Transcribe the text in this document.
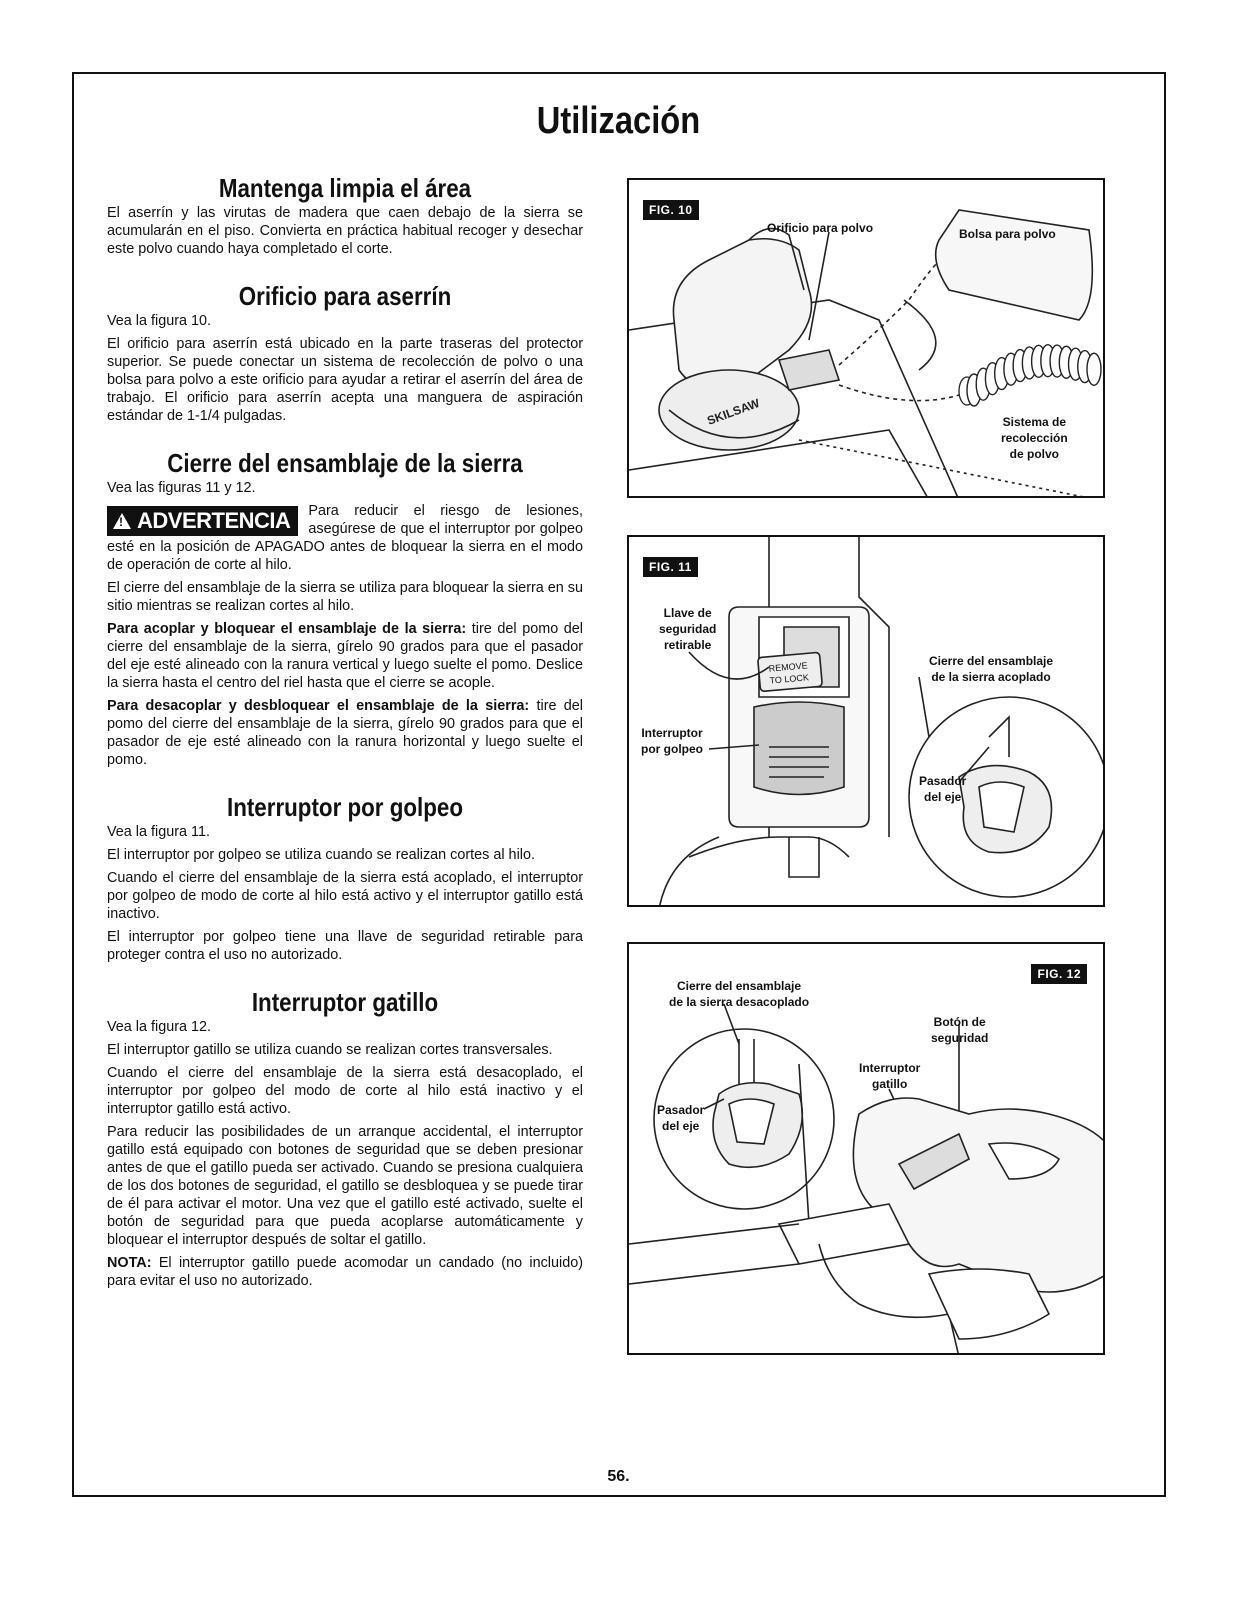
Utilización
Mantenga limpia el área

El aserrín y las virutas de madera que caen debajo de la sierra se acumularán en el piso. Convierta en práctica habitual recoger y desechar este polvo cuando haya completado el corte.

Orificio para aserrín

Vea la figura 10.

El orificio para aserrín está ubicado en la parte traseras del protector superior. Se puede conectar un sistema de recolección de polvo o una bolsa para polvo a este orificio para ayudar a retirar el aserrín del área de trabajo. El orificio para aserrín acepta una manguera de aspiración estándar de 1-1/4 pulgadas.

Cierre del ensamblaje de la sierra

Vea las figuras 11 y 12.

!
ADVERTENCIA	Para reducir el riesgo de lesiones, asegúrese de que el interruptor por golpeo esté en la posición de APAGADO antes de bloquear la sierra en el modo de operación de corte al hilo.

El cierre del ensamblaje de la sierra se utiliza para bloquear la sierra en su sitio mientras se realizan cortes al hilo.

Para acoplar y bloquear el ensamblaje de la sierra: tire del pomo del cierre del ensamblaje de la sierra, gírelo 90 grados para que el pasador del eje esté alineado con la ranura vertical y luego suelte el pomo. Deslice la sierra hasta el centro del riel hasta que el cierre se acople.

Para desacoplar y desbloquear el ensamblaje de la sierra: tire del pomo del cierre del ensamblaje de la sierra, gírelo 90 grados para que el pasador de eje esté alineado con la ranura horizontal y luego suelte el pomo.

Interruptor por golpeo

Vea la figura 11.

El interruptor por golpeo se utiliza cuando se realizan cortes al hilo.

Cuando el cierre del ensamblaje de la sierra está acoplado, el interruptor por golpeo de modo de corte al hilo está activo y el interruptor gatillo está inactivo.

El interruptor por golpeo tiene una llave de seguridad retirable para proteger contra el uso no autorizado.

Interruptor gatillo

Vea la figura 12.

El interruptor gatillo se utiliza cuando se realizan cortes transversales.

Cuando el cierre del ensamblaje de la sierra está desacoplado, el interruptor por golpeo del modo de corte al hilo está inactivo y el interruptor gatillo está activo.

Para reducir las posibilidades de un arranque accidental, el interruptor gatillo está equipado con botones de seguridad que se deben presionar antes de que el gatillo pueda ser activado. Cuando se presiona cualquiera de los dos botones de seguridad, el gatillo se desbloquea y se puede tirar de él para activar el motor. Una vez que el gatillo esté activado, suelte el botón de seguridad para que pueda acoplarse automáticamente y bloquear el interruptor después de soltar el gatillo.

NOTA: El interruptor gatillo puede acomodar un candado (no incluido) para evitar el uso no autorizado.

SKILSAW
FIG. 10
Orificio para polvo	Bolsa para polvo
Sistema de
recolección
de polvo
FIG. 11
Llave de
seguridad
retirable
REMOVE
TO LOCK
Interruptor
por golpeo
Cierre del ensamblaje
de la sierra acoplado
Pasador
del eje
FIG. 12
Cierre del ensamblaje
de la sierra desacoplado
Botón de
seguridad
Interruptor
gatillo
Pasador
del eje
56.
